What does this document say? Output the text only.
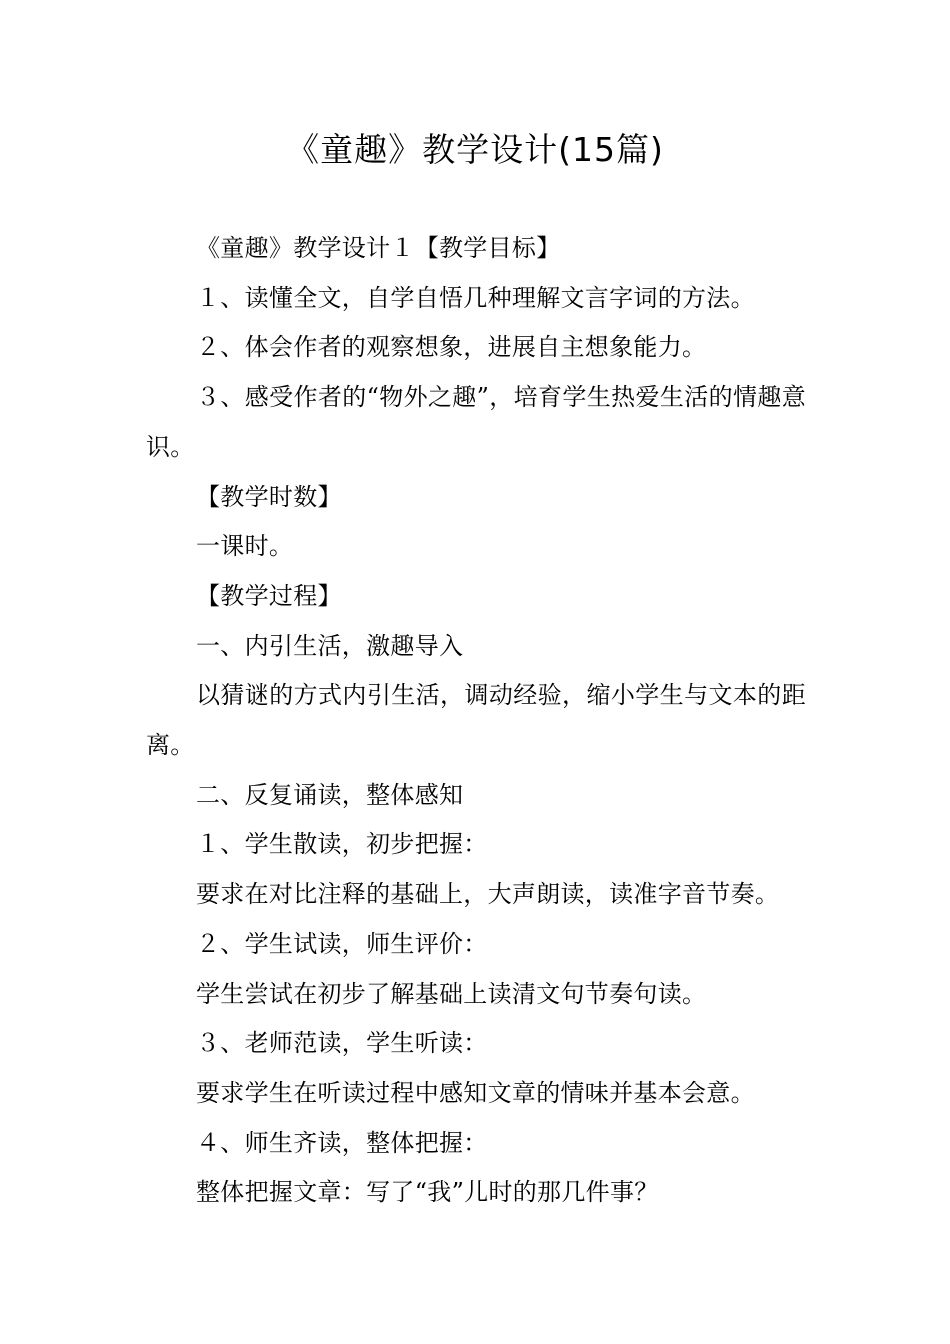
《童趣》教学设计(15篇)

《童趣》教学设计１【教学目标】

１、读懂全文，自学自悟几种理解文言字词的方法。

２、体会作者的观察想象，进展自主想象能力。

３、感受作者的“物外之趣”，培育学生热爱生活的情趣意识。

【教学时数】

一课时。

【教学过程】

一、内引生活，激趣导入

以猜谜的方式内引生活，调动经验，缩小学生与文本的距离。

二、反复诵读，整体感知

１、学生散读，初步把握：

要求在对比注释的基础上，大声朗读，读准字音节奏。

２、学生试读，师生评价：

学生尝试在初步了解基础上读清文句节奏句读。

３、老师范读，学生听读：

要求学生在听读过程中感知文章的情味并基本会意。

４、师生齐读，整体把握：

整体把握文章：写了“我”儿时的那几件事？
